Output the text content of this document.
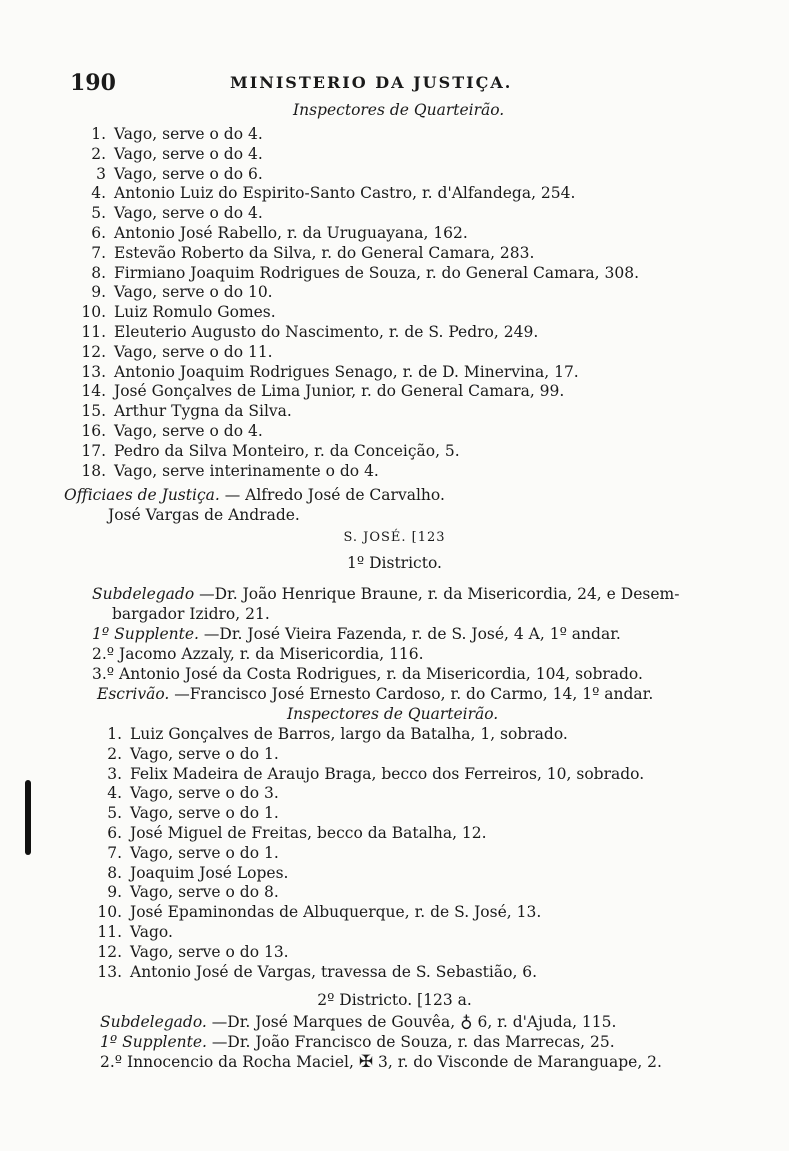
190	MINISTERIO DA JUSTIÇA.
Inspectores de Quarteirão.
1. Vago, serve o do 4.
2. Vago, serve o do 4.
3 Vago, serve o do 6.
4. Antonio Luiz do Espirito-Santo Castro, r. d'Alfandega, 254.
5. Vago, serve o do 4.
6. Antonio José Rabello, r. da Uruguayana, 162.
7. Estevão Roberto da Silva, r. do General Camara, 283.
8. Firmiano Joaquim Rodrigues de Souza, r. do General Camara, 308.
9. Vago, serve o do 10.
10. Luiz Romulo Gomes.
11. Eleuterio Augusto do Nascimento, r. de S. Pedro, 249.
12. Vago, serve o do 11.
13. Antonio Joaquim Rodrigues Senago, r. de D. Minervina, 17.
14. José Gonçalves de Lima Junior, r. do General Camara, 99.
15. Arthur Tygna da Silva.
16. Vago, serve o do 4.
17. Pedro da Silva Monteiro, r. da Conceição, 5.
18. Vago, serve interinamente o do 4.
Officiaes de Justiça. — Alfredo José de Carvalho.
José Vargas de Andrade.
S. JOSÉ. [123
1º Districto.
Subdelegado —Dr. João Henrique Braune, r. da Misericordia, 24, e Desem-
bargador Izidro, 21.
1º Supplente. —Dr. José Vieira Fazenda, r. de S. José, 4 A, 1º andar.
2.º Jacomo Azzaly, r. da Misericordia, 116.
3.º Antonio José da Costa Rodrigues, r. da Misericordia, 104, sobrado.
Escrivão. —Francisco José Ernesto Cardoso, r. do Carmo, 14, 1º andar.
Inspectores de Quarteirão.
1. Luiz Gonçalves de Barros, largo da Batalha, 1, sobrado.
2. Vago, serve o do 1.
3. Felix Madeira de Araujo Braga, becco dos Ferreiros, 10, sobrado.
4. Vago, serve o do 3.
5. Vago, serve o do 1.
6. José Miguel de Freitas, becco da Batalha, 12.
7. Vago, serve o do 1.
8. Joaquim José Lopes.
9. Vago, serve o do 8.
10. José Epaminondas de Albuquerque, r. de S. José, 13.
11. Vago.
12. Vago, serve o do 13.
13. Antonio José de Vargas, travessa de S. Sebastião, 6.
2º Districto. [123 a.
Subdelegado. —Dr. José Marques de Gouvêa, ♁ 6, r. d'Ajuda, 115.
1º Supplente. —Dr. João Francisco de Souza, r. das Marrecas, 25.
2.º Innocencio da Rocha Maciel, ✠ 3, r. do Visconde de Maranguape, 2.
